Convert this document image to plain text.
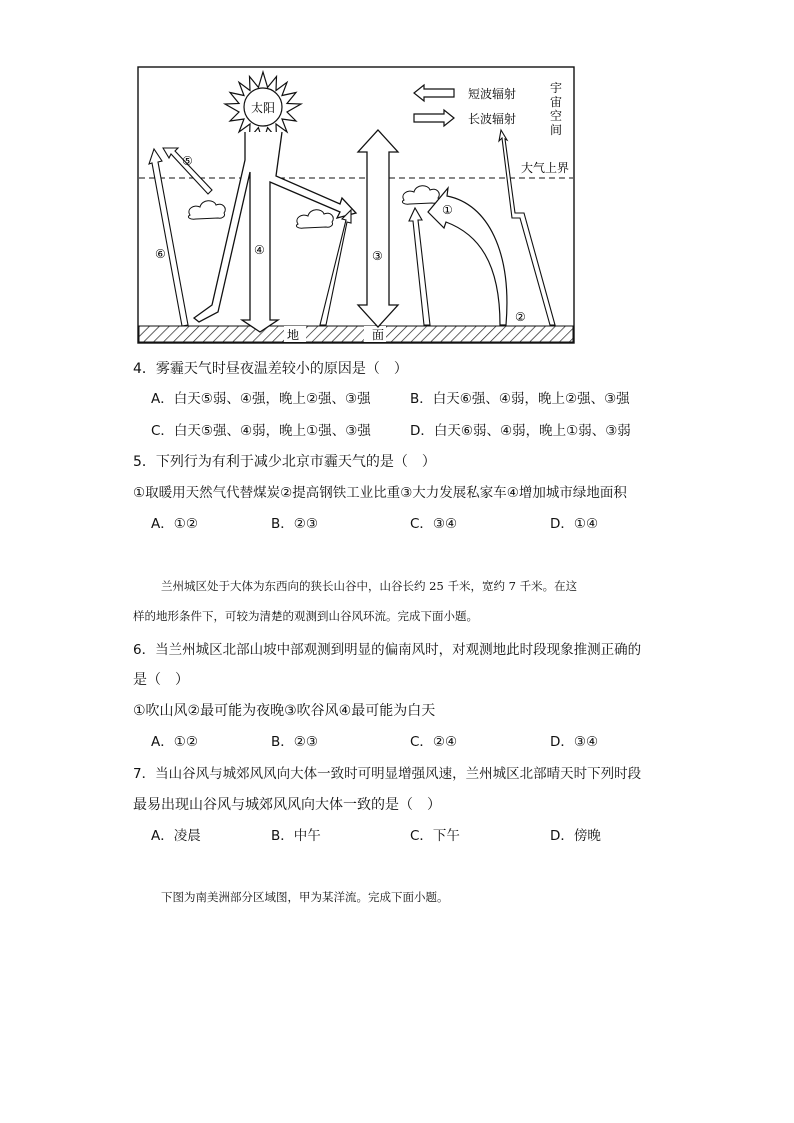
地	面
大气上界
宇
宙
空
间
短波辐射
长波辐射
太阳
④
⑤
⑥	③
①
②
4．雾霾天气时昼夜温差较小的原因是（　）
A．白天⑤弱、④强，晚上②强、③强	B．白天⑥强、④弱，晚上②强、③强
C．白天⑤强、④弱，晚上①强、③强	D．白天⑥弱、④弱，晚上①弱、③弱
5．下列行为有利于减少北京市霾天气的是（　）
①取暖用天然气代替煤炭②提高钢铁工业比重③大力发展私家车④增加城市绿地面积
A．①②	B．②③	C．③④	D．①④
兰州城区处于大体为东西向的狭长山谷中，山谷长约 25 千米，宽约 7 千米。在这
样的地形条件下，可较为清楚的观测到山谷风环流。完成下面小题。
6．当兰州城区北部山坡中部观测到明显的偏南风时，对观测地此时段现象推测正确的
是（　）
①吹山风②最可能为夜晚③吹谷风④最可能为白天
A．①②	B．②③	C．②④	D．③④
7．当山谷风与城郊风风向大体一致时可明显增强风速，兰州城区北部晴天时下列时段
最易出现山谷风与城郊风风向大体一致的是（　）
A．凌晨	B．中午	C．下午	D．傍晚
下图为南美洲部分区域图，甲为某洋流。完成下面小题。
